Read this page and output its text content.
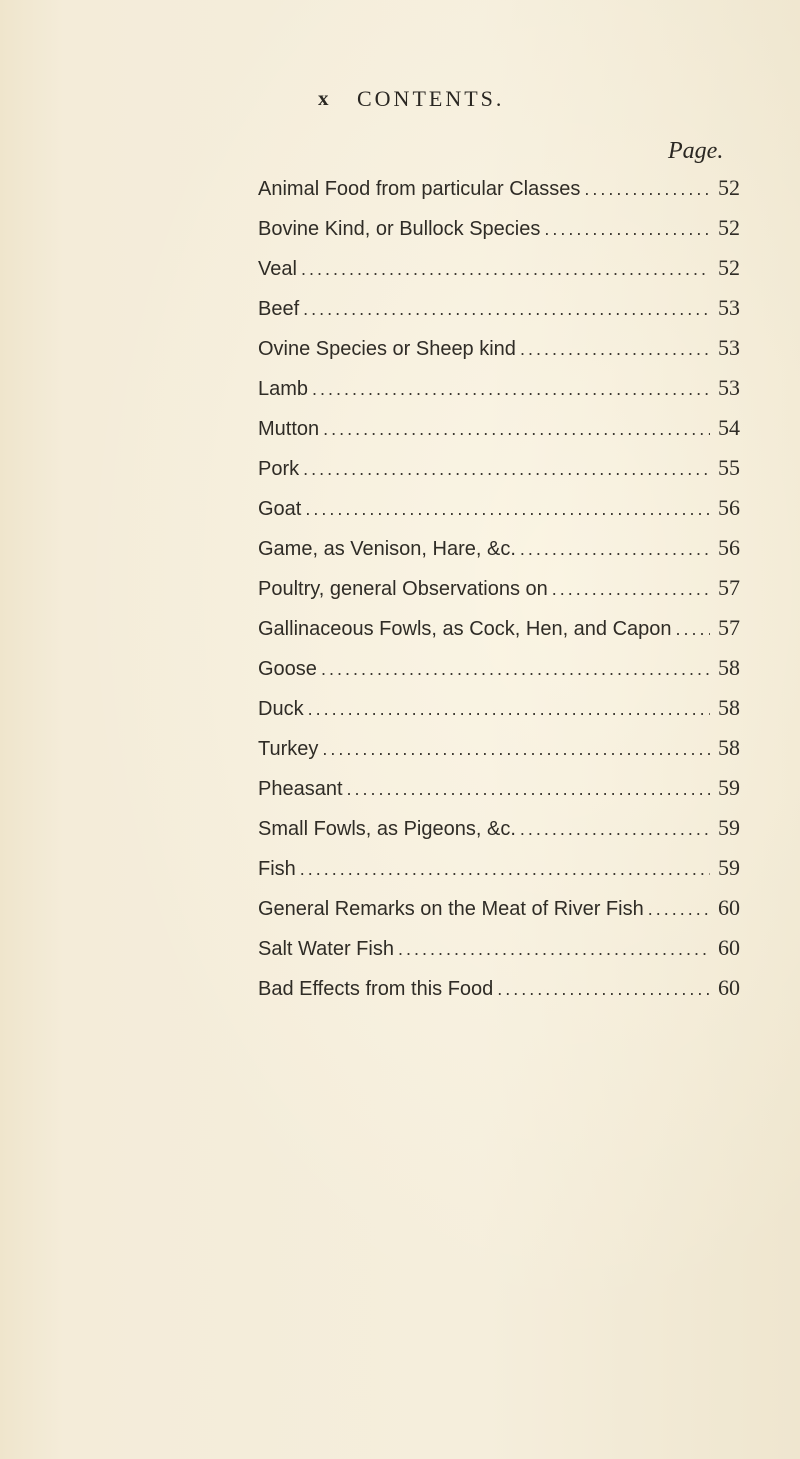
x CONTENTS.
Page.
Animal Food from particular Classes . . .	52
Bovine Kind, or Bullock Species . . .	52
Veal . . .	52
Beef . . .	53
Ovine Species or Sheep kind . . .	53
Lamb . . .	53
Mutton . . .	54
Pork . . .	55
Goat . . .	56
Game, as Venison, Hare, &c. . . .	56
Poultry, general Observations on . . .	57
Gallinaceous Fowls, as Cock, Hen, and Capon . . .	57
Goose . . .	58
Duck . . .	58
Turkey . . .	58
Pheasant . . .	59
Small Fowls, as Pigeons, &c. . . .	59
Fish . . .	59
General Remarks on the Meat of River Fish . . .	60
Salt Water Fish . . .	60
Bad Effects from this Food . . .	60
